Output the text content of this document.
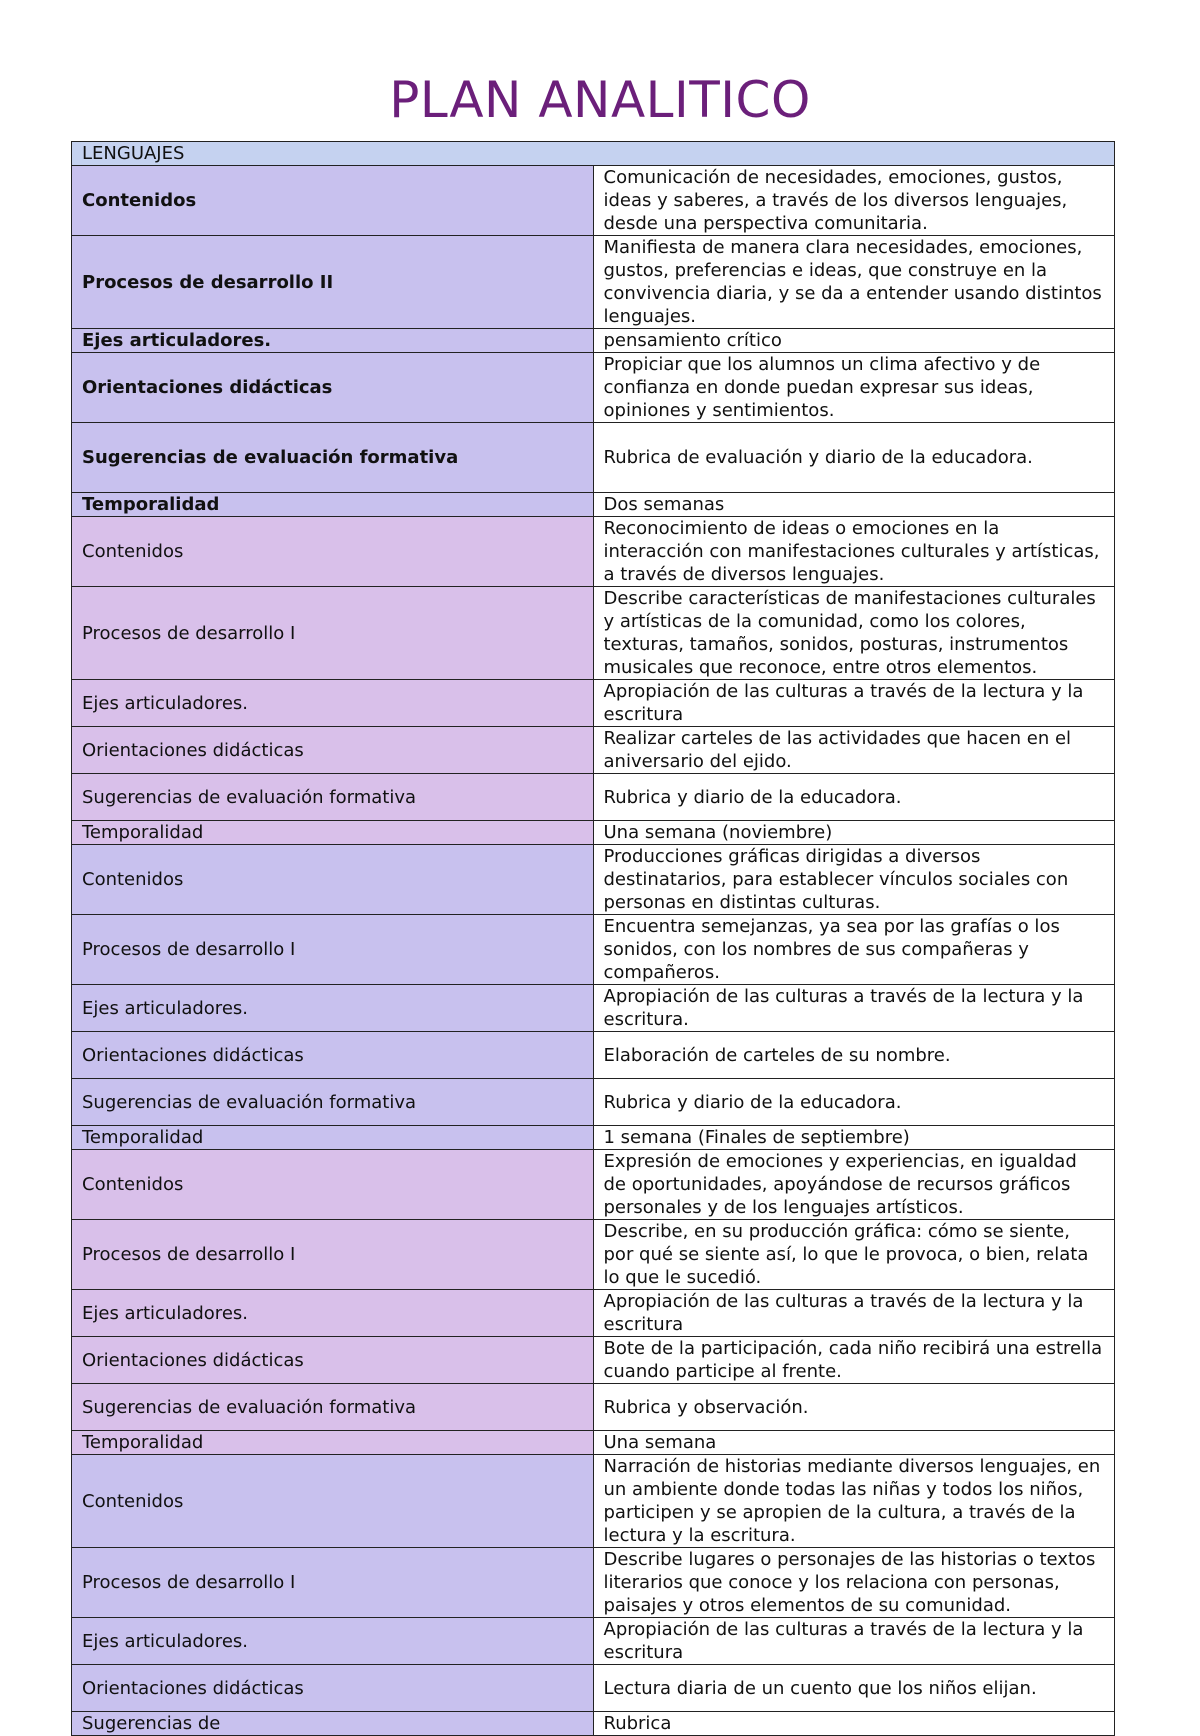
PLAN ANALITICO
LENGUAJES	
Contenidos	Comunicación de necesidades, emociones, gustos, ideas y saberes, a través de los diversos lenguajes, desde una perspectiva comunitaria.
Procesos de desarrollo II	Manifiesta de manera clara necesidades, emociones, gustos, preferencias e ideas, que construye en la convivencia diaria, y se da a entender usando distintos lenguajes.
Ejes articuladores.	pensamiento crítico
Orientaciones didácticas	Propiciar que los alumnos un clima afectivo y de confianza en donde puedan expresar sus ideas, opiniones y sentimientos.
Sugerencias de evaluación formativa	Rubrica de evaluación y diario de la educadora.
Temporalidad	Dos semanas
Contenidos	Reconocimiento de ideas o emociones en la interacción con manifestaciones culturales y artísticas, a través de diversos lenguajes.
Procesos de desarrollo I	Describe características de manifestaciones culturales y artísticas de la comunidad, como los colores, texturas, tamaños, sonidos, posturas, instrumentos musicales que reconoce, entre otros elementos.
Ejes articuladores.	Apropiación de las culturas a través de la lectura y la escritura
Orientaciones didácticas	Realizar carteles de las actividades que hacen en el aniversario del ejido.
Sugerencias de evaluación formativa	Rubrica y diario de la educadora.
Temporalidad	Una semana (noviembre)
Contenidos	Producciones gráficas dirigidas a diversos destinatarios, para establecer vínculos sociales con personas en distintas culturas.
Procesos de desarrollo I	Encuentra semejanzas, ya sea por las grafías o los sonidos, con los nombres de sus compañeras y compañeros.
Ejes articuladores.	Apropiación de las culturas a través de la lectura y la escritura.
Orientaciones didácticas	Elaboración de carteles de su nombre.
Sugerencias de evaluación formativa	Rubrica y diario de la educadora.
Temporalidad	1 semana (Finales de septiembre)
Contenidos	Expresión de emociones y experiencias, en igualdad de oportunidades, apoyándose de recursos gráficos personales y de los lenguajes artísticos.
Procesos de desarrollo I	Describe, en su producción gráfica: cómo se siente, por qué se siente así, lo que le provoca, o bien, relata lo que le sucedió.
Ejes articuladores.	Apropiación de las culturas a través de la lectura y la escritura
Orientaciones didácticas	Bote de la participación, cada niño recibirá una estrella cuando participe al frente.
Sugerencias de evaluación formativa	Rubrica y observación.
Temporalidad	Una semana
Contenidos	Narración de historias mediante diversos lenguajes, en un ambiente donde todas las niñas y todos los niños, participen y se apropien de la cultura, a través de la lectura y la escritura.
Procesos de desarrollo I	Describe lugares o personajes de las historias o textos literarios que conoce y los relaciona con personas, paisajes y otros elementos de su comunidad.
Ejes articuladores.	Apropiación de las culturas a través de la lectura y la escritura
Orientaciones didácticas	Lectura diaria de un cuento que los niños elijan.
Sugerencias de	Rubrica
